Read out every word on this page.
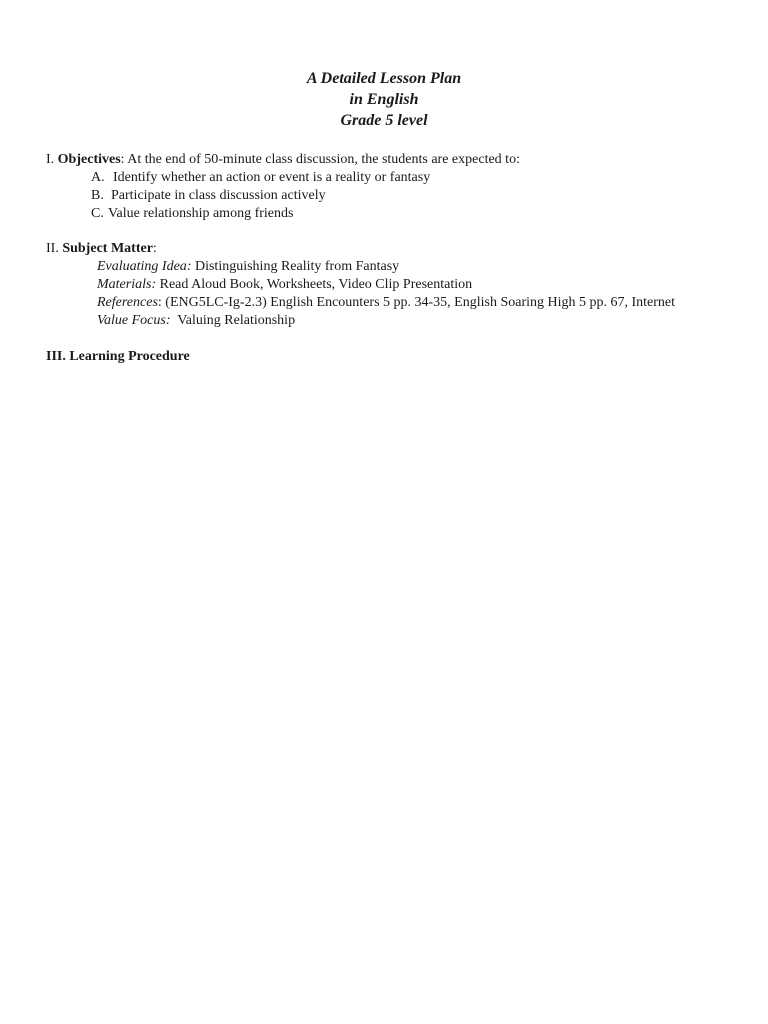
A Detailed Lesson Plan
in English
Grade 5 level
I. Objectives: At the end of 50-minute class discussion, the students are expected to:
A. Identify whether an action or event is a reality or fantasy
B. Participate in class discussion actively
C. Value relationship among friends
II. Subject Matter:
Evaluating Idea: Distinguishing Reality from Fantasy
Materials: Read Aloud Book, Worksheets, Video Clip Presentation
References: (ENG5LC-Ig-2.3) English Encounters 5 pp. 34-35, English Soaring High 5 pp. 67, Internet
Value Focus: Valuing Relationship
III. Learning Procedure
